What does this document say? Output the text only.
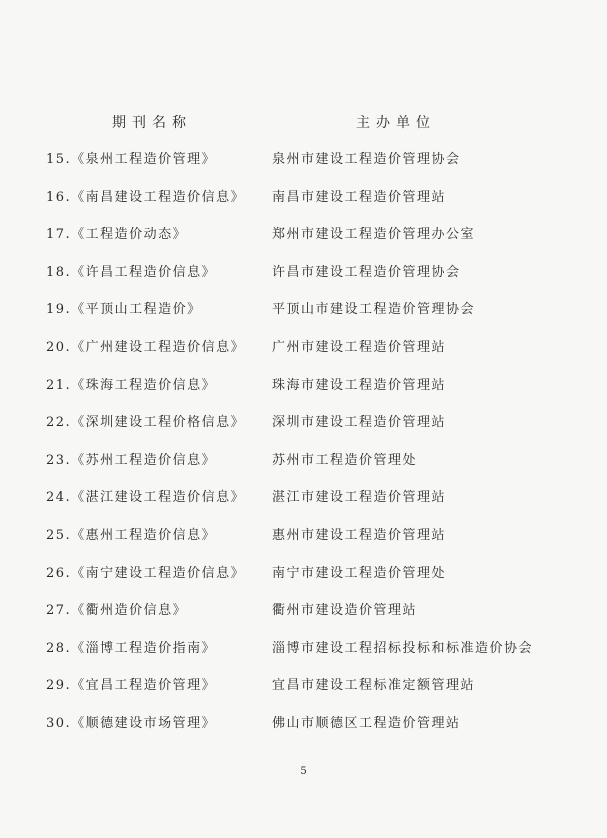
期刊名称	主办单位
15.《泉州工程造价管理》	泉州市建设工程造价管理协会
16.《南昌建设工程造价信息》 南昌市建设工程造价管理站
17.《工程造价动态》	郑州市建设工程造价管理办公室
18.《许昌工程造价信息》	许昌市建设工程造价管理协会
19.《平顶山工程造价》	平顶山市建设工程造价管理协会
20.《广州建设工程造价信息》 广州市建设工程造价管理站
21.《珠海工程造价信息》	珠海市建设工程造价管理站
22.《深圳建设工程价格信息》 深圳市建设工程造价管理站
23.《苏州工程造价信息》	苏州市工程造价管理处
24.《湛江建设工程造价信息》 湛江市建设工程造价管理站
25.《惠州工程造价信息》	惠州市建设工程造价管理站
26.《南宁建设工程造价信息》 南宁市建设工程造价管理处
27.《衢州造价信息》	衢州市建设造价管理站
28.《淄博工程造价指南》	淄博市建设工程招标投标和标准造价协会
29.《宜昌工程造价管理》	宜昌市建设工程标准定额管理站
30.《顺德建设市场管理》	佛山市顺德区工程造价管理站
5
